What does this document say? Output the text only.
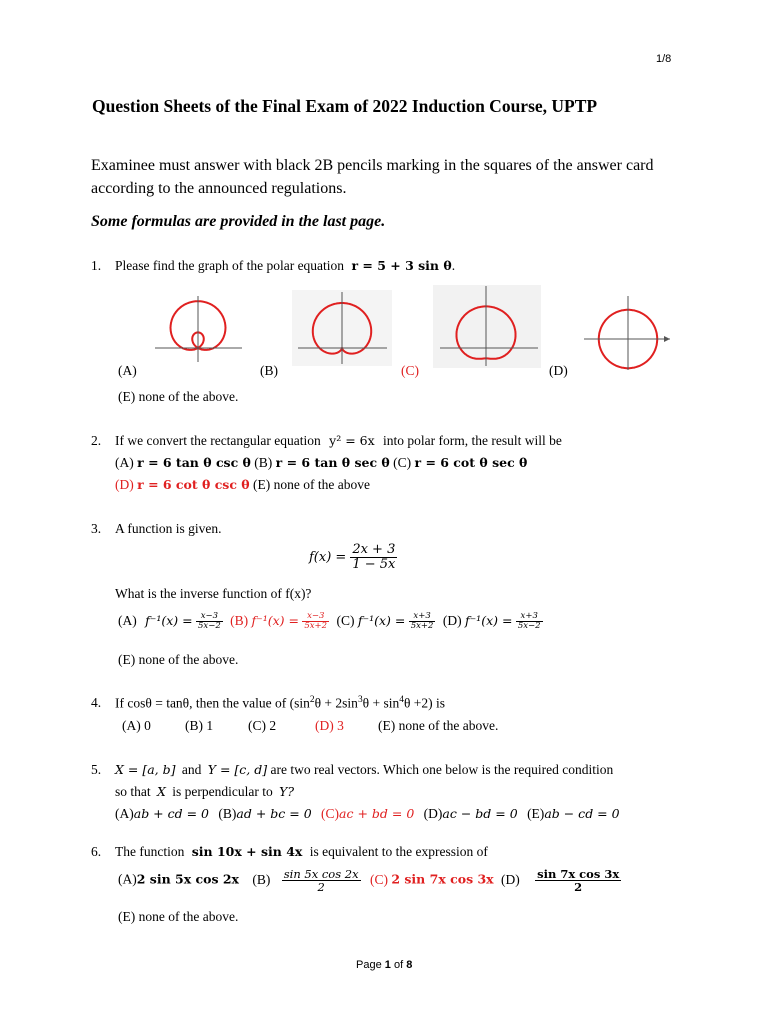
1/8
Question Sheets of the Final Exam of 2022 Induction Course, UPTP
Examinee must answer with black 2B pencils marking in the squares of the answer card
according to the announced regulations.
Some formulas are provided in the last page.
1. Please find the graph of the polar equation r = 5 + 3 sin θ.
(A)	(B)	(C)	(D)
(E) none of the above.
2. If we convert the rectangular equation y² = 6x into polar form, the result will be
(A) r = 6 tan θ csc θ (B) r = 6 tan θ sec θ (C) r = 6 cot θ sec θ
(D) r = 6 cot θ csc θ (E) none of the above
3. A function is given.
$f(x) = \frac{2x + 3}{1 - 5x}$
What is the inverse function of f(x)?
(A) $f^{-1}(x) = \frac{x-3}{5x-2} (B) f^{-1}(x) = \frac{x-3}{5x+2} (C) f^{-1}(x) = \frac{x+3}{5x+2} (D) f^{-1}(x) = \frac{x+3}{5x-2}$
(E) none of the above.
4. If cosθ = tanθ, then the value of $(\sin^2\theta + 2\sin^3\theta + \sin^4\theta +2)$ is
(A) 0	(B) 1	(C) 2	(D) 3	(E) none of the above.
5. X = [a, b] and Y = [c, d] are two real vectors. Which one below is the required condition
so that X is perpendicular to Y?
(A)ab + cd = 0 (B)ad + bc = 0 (C)ac + bd = 0 (D)ac − bd = 0 (E)ab − cd = 0
6. The function sin 10x + sin 4x is equivalent to the expression of
(A)2 sin 5x cos 2x $(B) \frac{\text{sin 5x cos 2x}}{2} (C)$ 2 sin 7x cos 3x $(D) \frac{\text{sin 7x cos 3x}}{2}$
(E) none of the above.
Page 1 of 8
